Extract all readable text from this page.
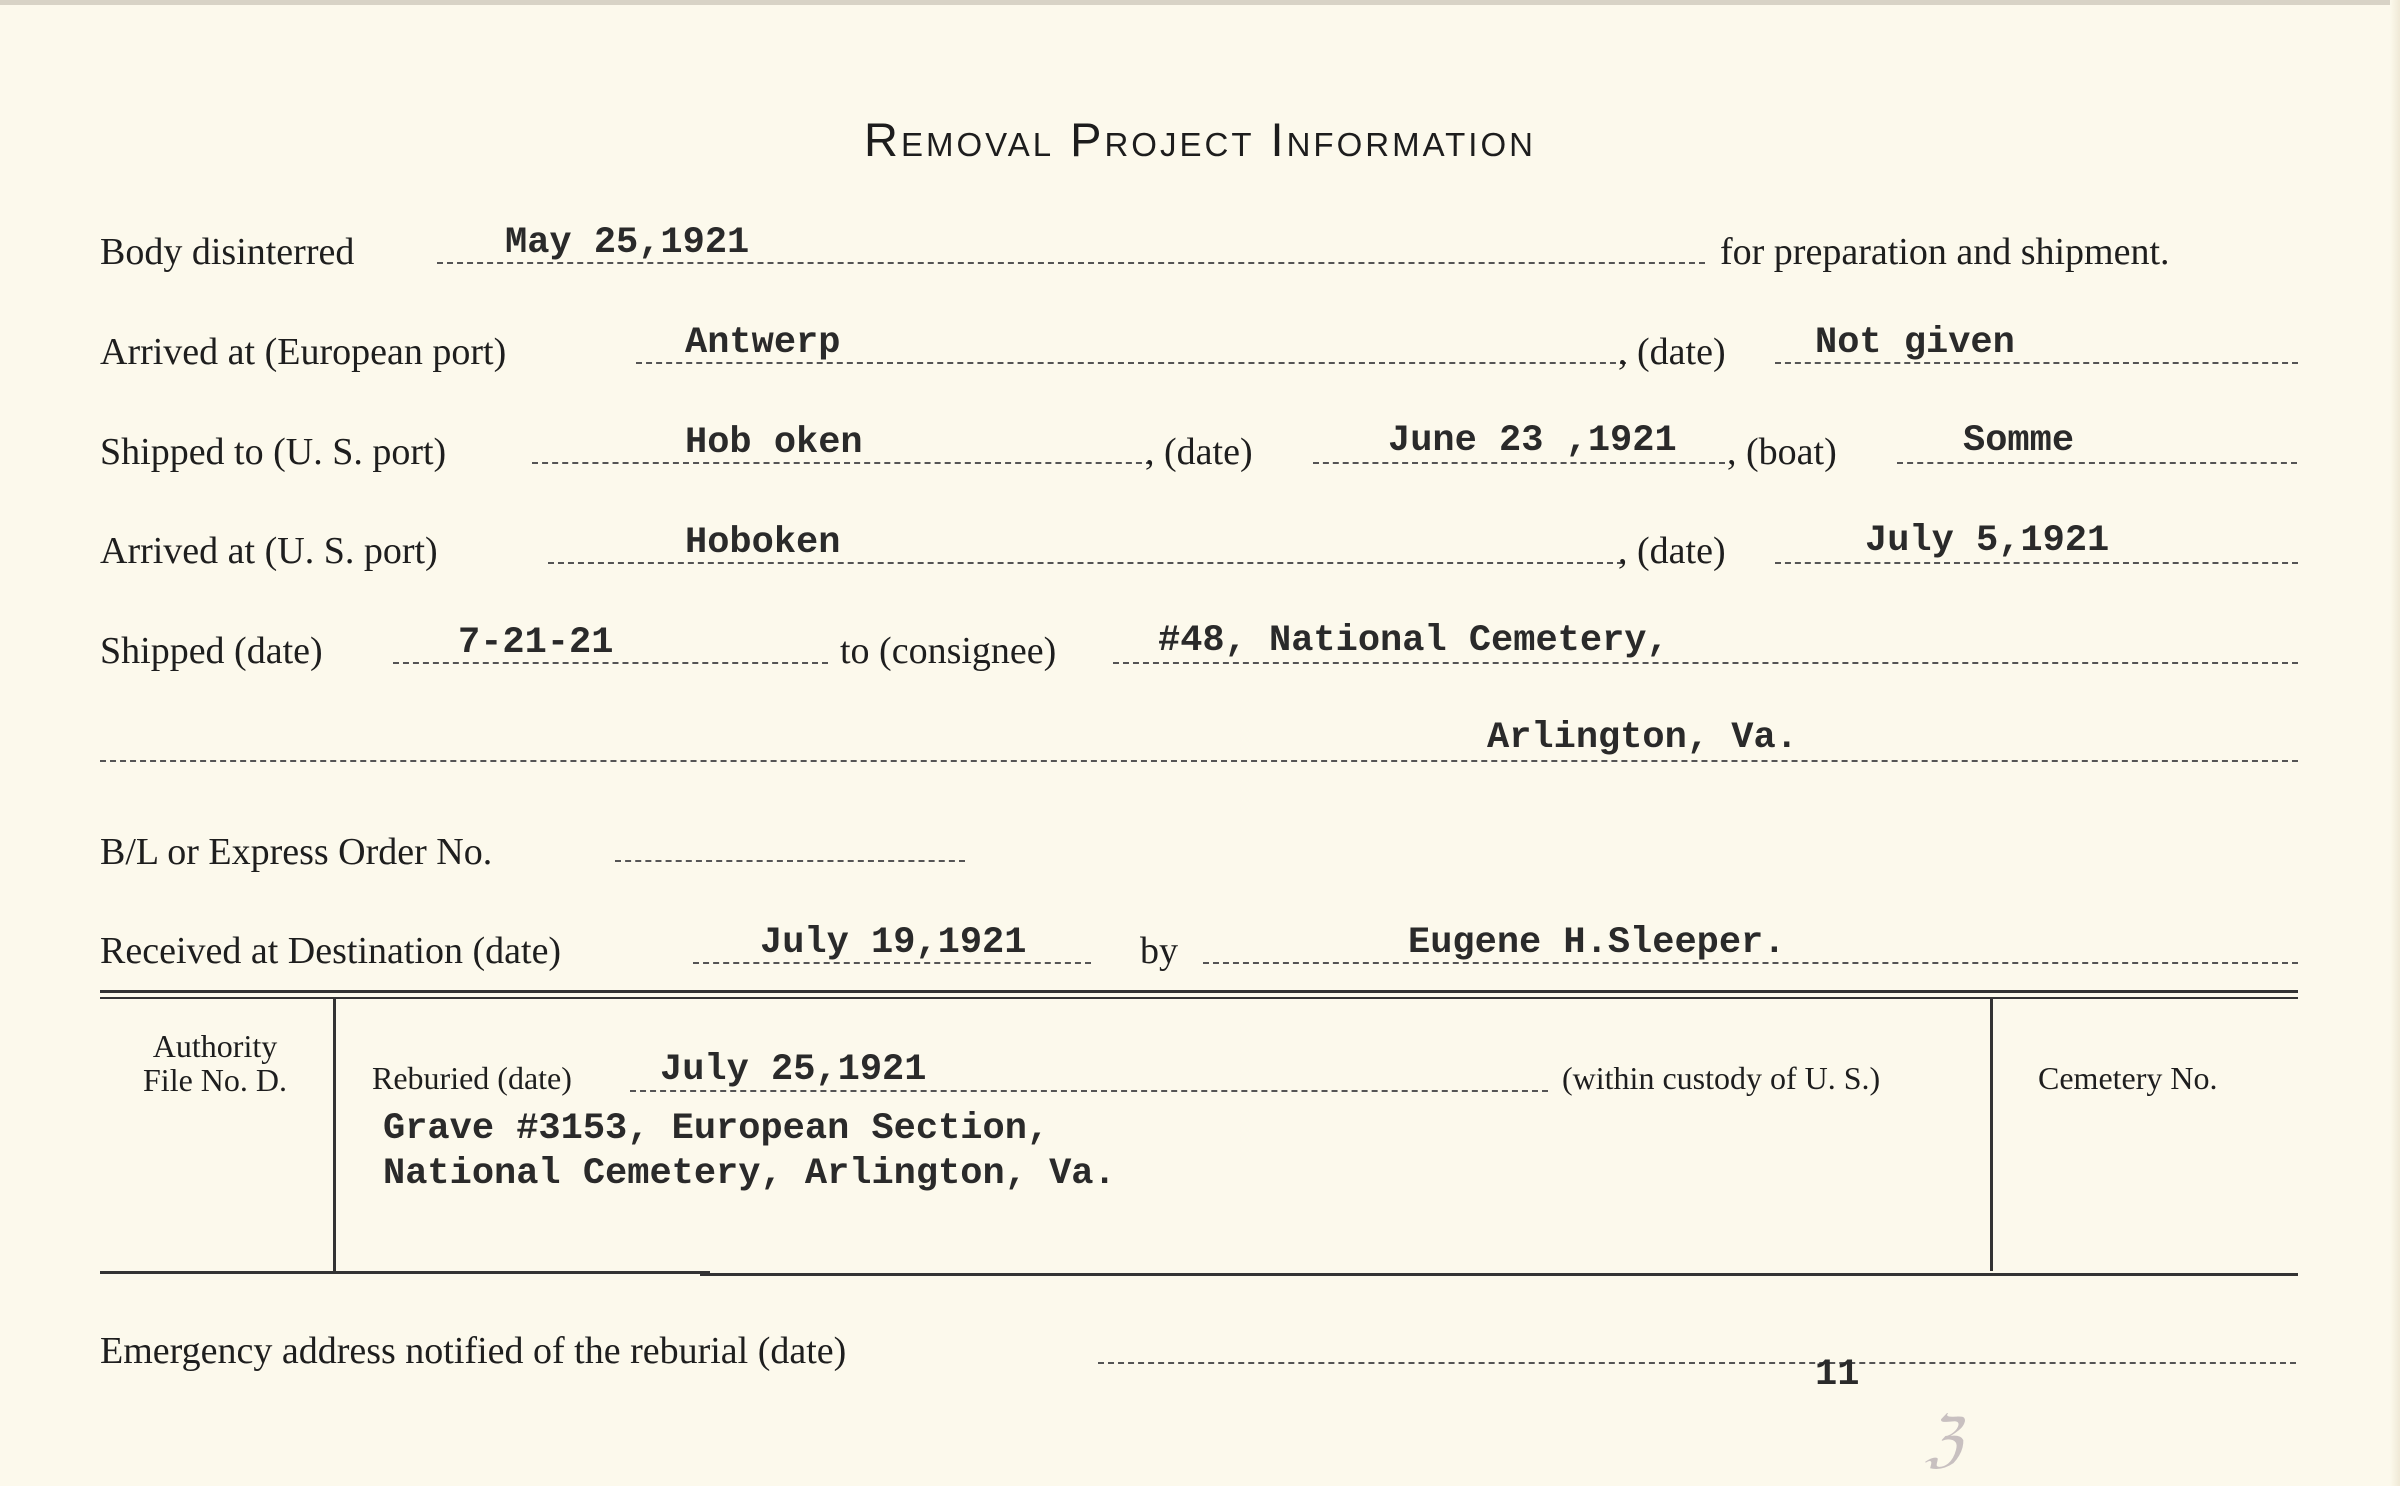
Removal Project Information
Body disinterred	May 25,1921	for preparation and shipment.
Arrived at (European port)	Antwerp	, (date) Not given
Shipped to (U. S. port)	Hob oken	, (date)	June 23 ,1921 , (boat)	Somme
Arrived at (U. S. port)	Hoboken	, (date)	July 5,1921
Shipped (date)	7-21-21	to (consignee)	#48, National Cemetery,
Arlington, Va.
B/L or Express Order No.
Received at Destination (date)	July 19,1921	by	Eugene H.Sleeper.
Authority
File No. D.	Reburied (date) July 25,1921	(within custody of U. S.)
Grave #3153, European Section,
National Cemetery, Arlington, Va.
Cemetery No.
Emergency address notified of the reburial (date)
11
ℨ
